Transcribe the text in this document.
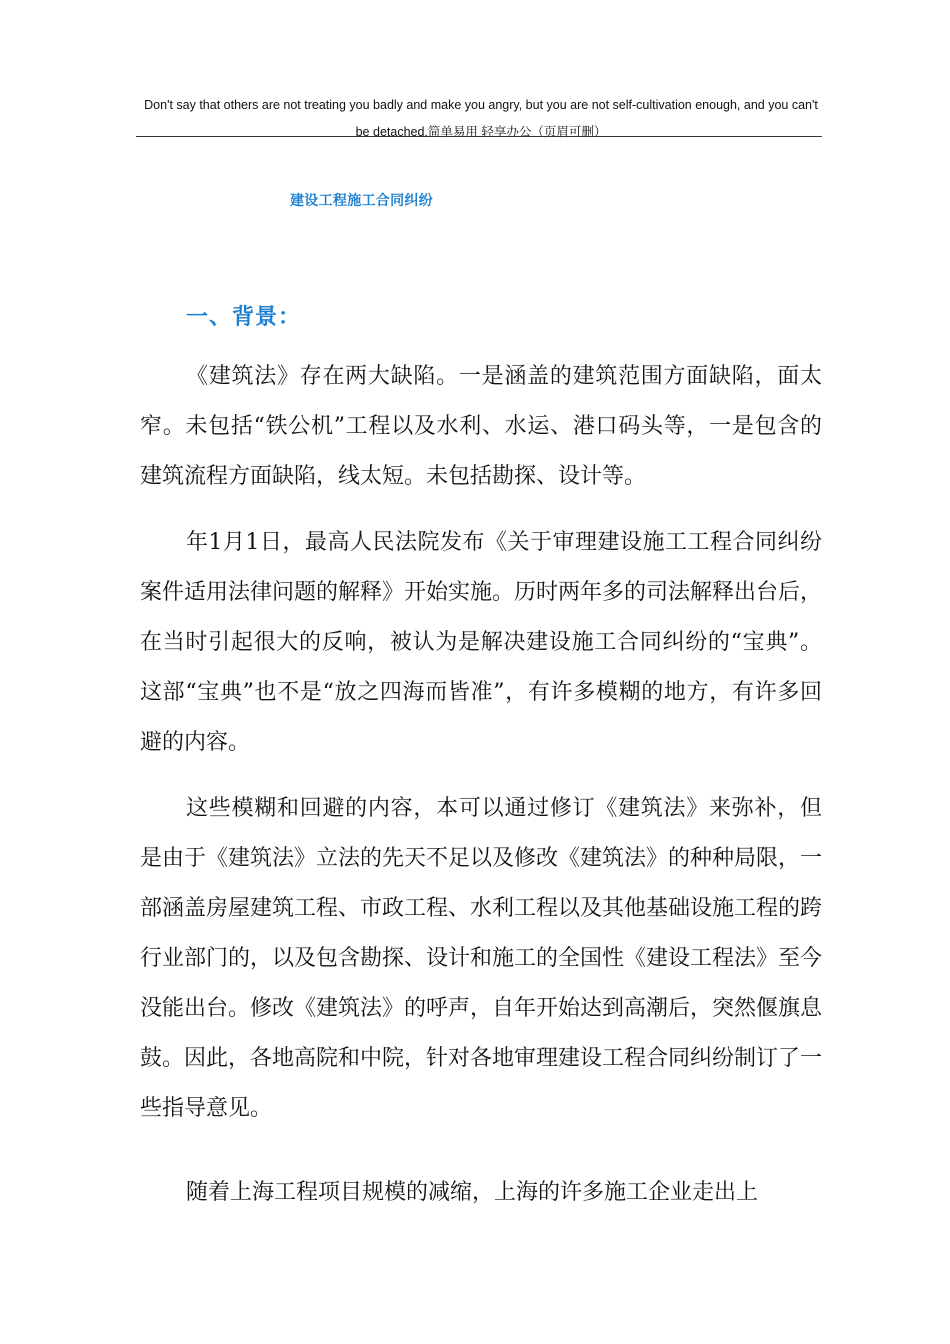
Don't say that others are not treating you badly and make you angry, but you are not self-cultivation enough, and you can't be detached.简单易用 轻享办公（页眉可删）
建设工程施工合同纠纷
一、背景：

《建筑法》存在两大缺陷。一是涵盖的建筑范围方面缺陷，面太窄。未包括“铁公机”工程以及水利、水运、港口码头等，一是包含的建筑流程方面缺陷，线太短。未包括勘探、设计等。

年1月1日，最高人民法院发布《关于审理建设施工工程合同纠纷案件适用法律问题的解释》开始实施。历时两年多的司法解释出台后，在当时引起很大的反响，被认为是解决建设施工合同纠纷的“宝典”。这部“宝典”也不是“放之四海而皆准”，有许多模糊的地方，有许多回避的内容。

这些模糊和回避的内容，本可以通过修订《建筑法》来弥补，但是由于《建筑法》立法的先天不足以及修改《建筑法》的种种局限，一部涵盖房屋建筑工程、市政工程、水利工程以及其他基础设施工程的跨行业部门的，以及包含勘探、设计和施工的全国性《建设工程法》至今没能出台。修改《建筑法》的呼声，自年开始达到高潮后，突然偃旗息鼓。因此，各地高院和中院，针对各地审理建设工程合同纠纷制订了一些指导意见。

随着上海工程项目规模的减缩，上海的许多施工企业走出上
